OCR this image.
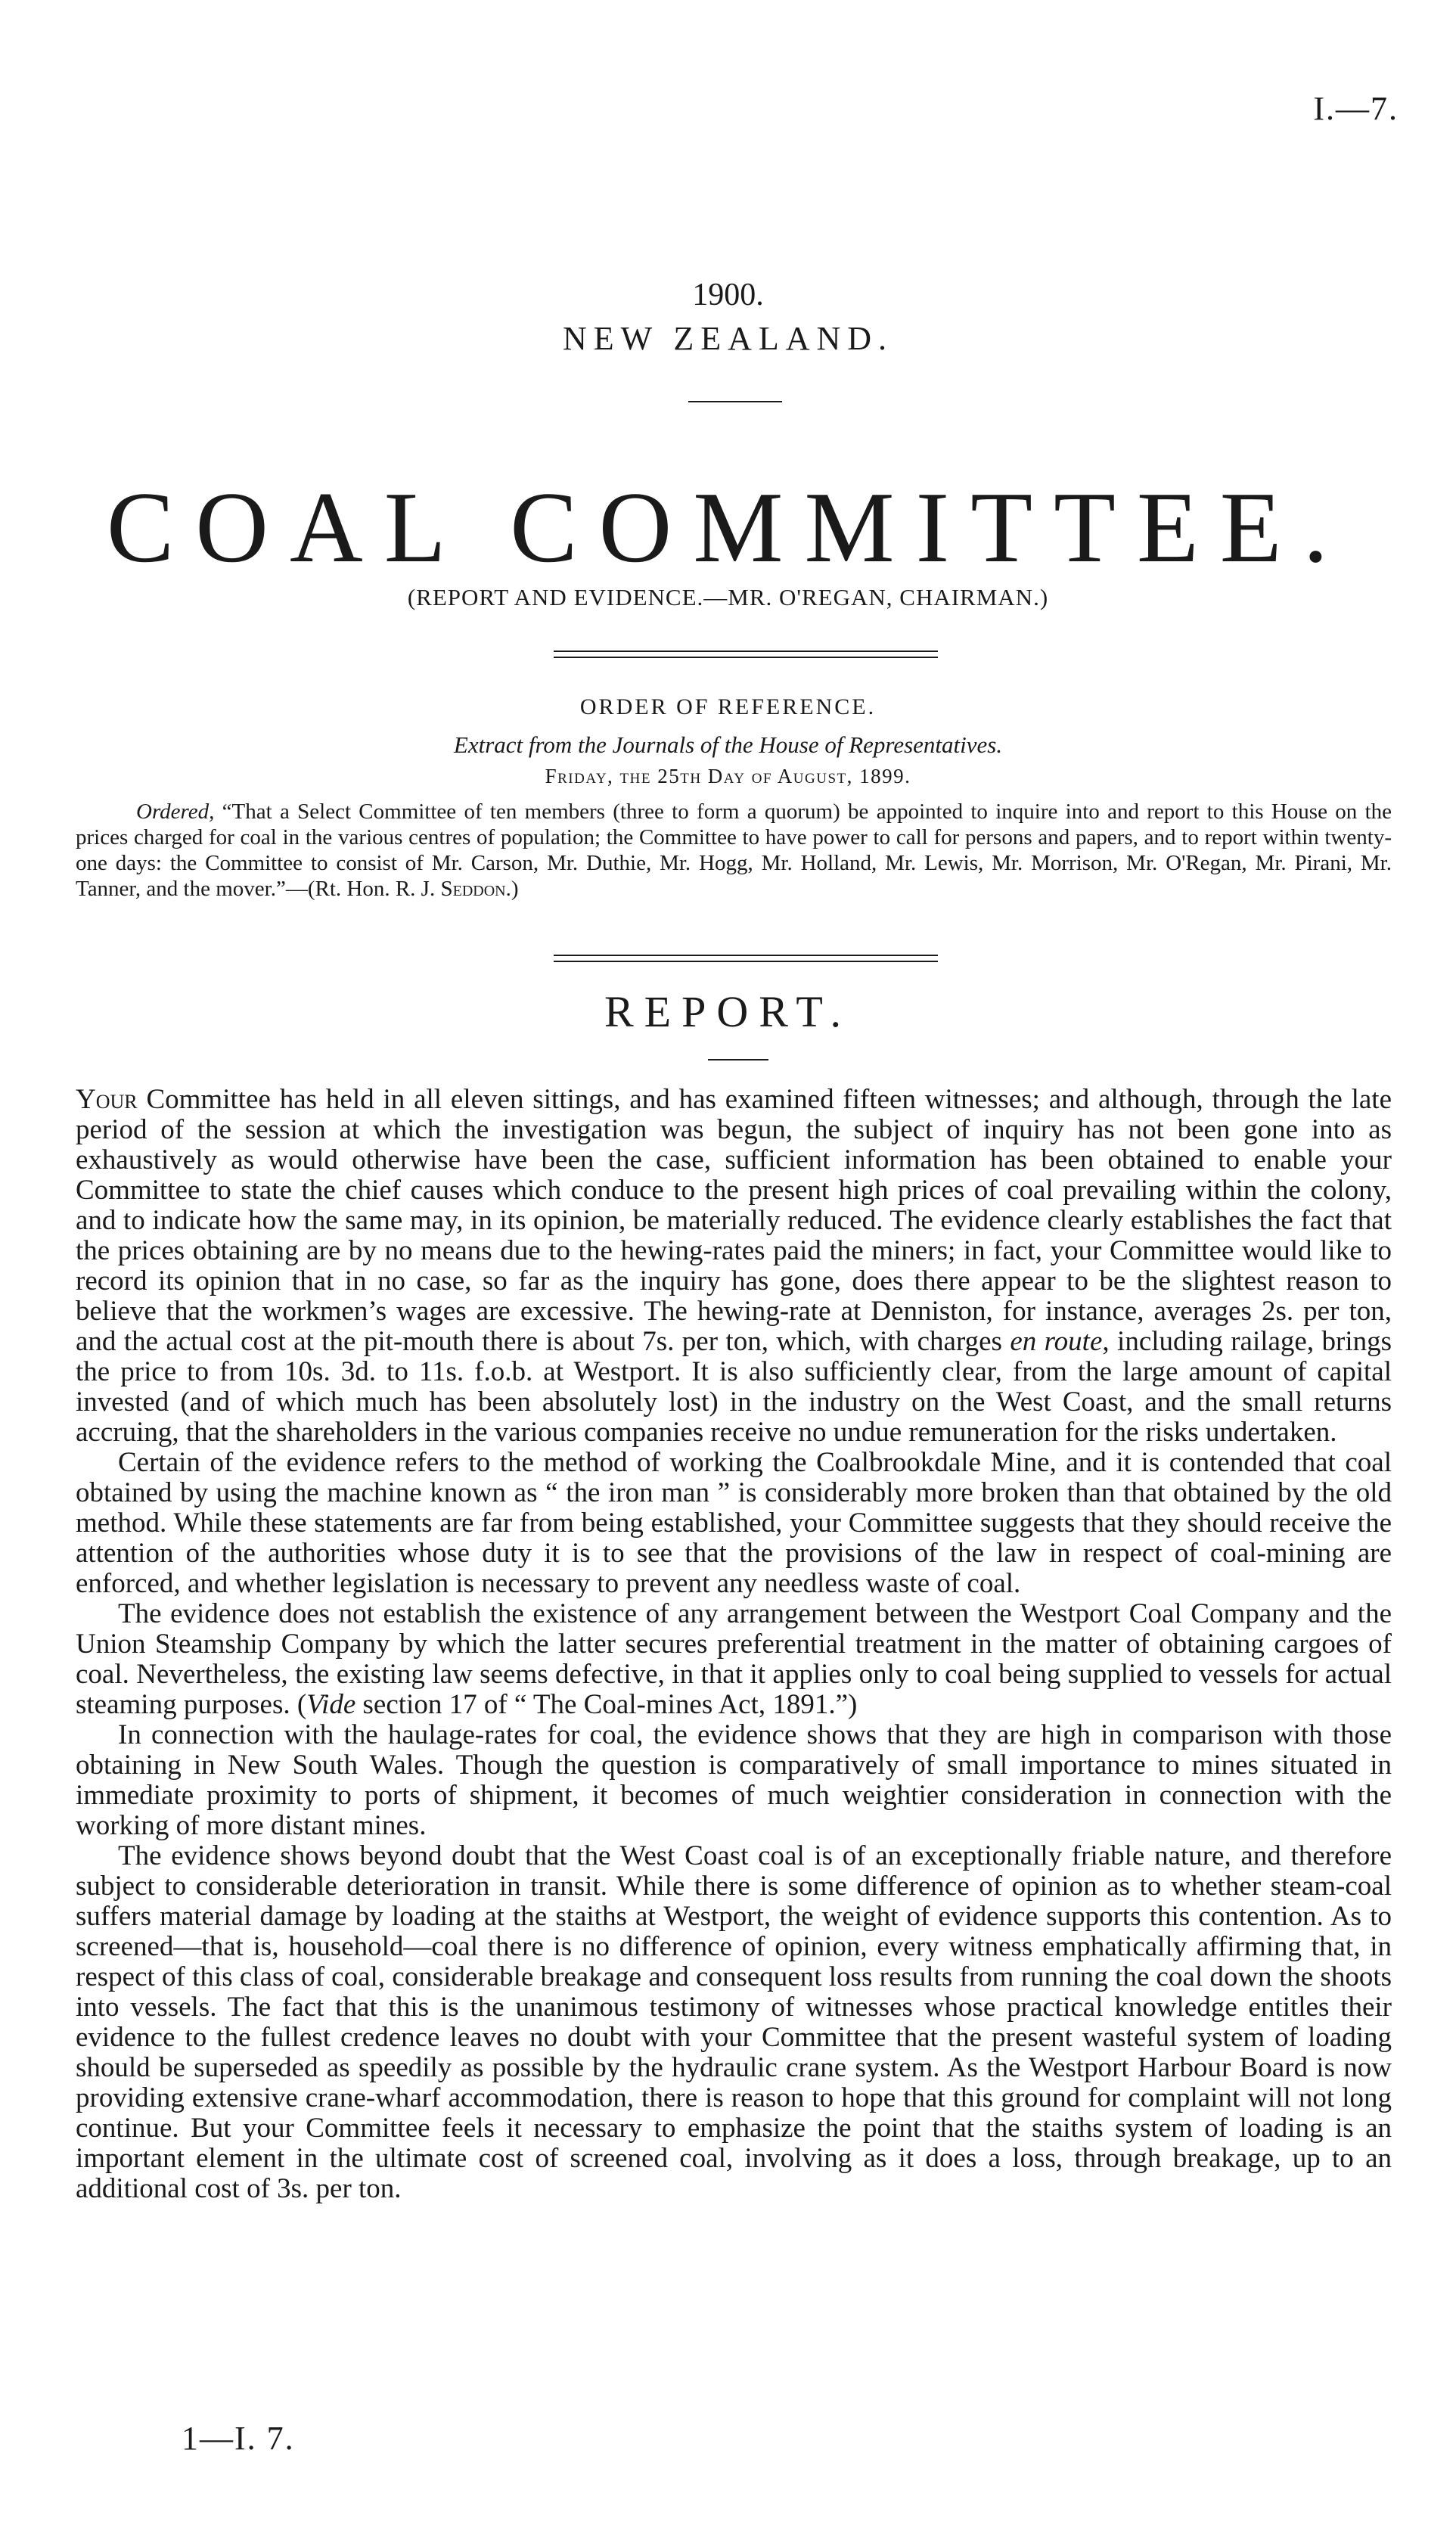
I.—7.
1900.
NEW ZEALAND.
COAL COMMITTEE.
(REPORT AND EVIDENCE.—MR. O'REGAN, CHAIRMAN.)
ORDER OF REFERENCE.
Extract from the Journals of the House of Representatives.
Friday, the 25th Day of August, 1899.
Ordered, “That a Select Committee of ten members (three to form a quorum) be appointed to inquire into and report to this House on the prices charged for coal in the various centres of population; the Committee to have power to call for persons and papers, and to report within twenty-one days: the Committee to consist of Mr. Carson, Mr. Duthie, Mr. Hogg, Mr. Holland, Mr. Lewis, Mr. Morrison, Mr. O'Regan, Mr. Pirani, Mr. Tanner, and the mover.”—(Rt. Hon. R. J. Seddon.)
REPORT.

Your Committee has held in all eleven sittings, and has examined fifteen witnesses; and although, through the late period of the session at which the investigation was begun, the subject of inquiry has not been gone into as exhaustively as would otherwise have been the case, sufficient information has been obtained to enable your Committee to state the chief causes which conduce to the present high prices of coal prevailing within the colony, and to indicate how the same may, in its opinion, be materially reduced. The evidence clearly establishes the fact that the prices obtaining are by no means due to the hewing-rates paid the miners; in fact, your Committee would like to record its opinion that in no case, so far as the inquiry has gone, does there appear to be the slightest reason to believe that the workmen’s wages are excessive. The hewing-rate at Denniston, for instance, averages 2s. per ton, and the actual cost at the pit-mouth there is about 7s. per ton, which, with charges en route, including railage, brings the price to from 10s. 3d. to 11s. f.o.b. at Westport. It is also sufficiently clear, from the large amount of capital invested (and of which much has been absolutely lost) in the industry on the West Coast, and the small returns accruing, that the shareholders in the various companies receive no undue remuneration for the risks undertaken.

Certain of the evidence refers to the method of working the Coalbrookdale Mine, and it is contended that coal obtained by using the machine known as “ the iron man ” is considerably more broken than that obtained by the old method. While these statements are far from being established, your Committee suggests that they should receive the attention of the authorities whose duty it is to see that the provisions of the law in respect of coal-mining are enforced, and whether legislation is necessary to prevent any needless waste of coal.

The evidence does not establish the existence of any arrangement between the Westport Coal Company and the Union Steamship Company by which the latter secures preferential treatment in the matter of obtaining cargoes of coal. Nevertheless, the existing law seems defective, in that it applies only to coal being supplied to vessels for actual steaming purposes. (Vide section 17 of “ The Coal-mines Act, 1891.”)

In connection with the haulage-rates for coal, the evidence shows that they are high in comparison with those obtaining in New South Wales. Though the question is comparatively of small importance to mines situated in immediate proximity to ports of shipment, it becomes of much weightier consideration in connection with the working of more distant mines.

The evidence shows beyond doubt that the West Coast coal is of an exceptionally friable nature, and therefore subject to considerable deterioration in transit. While there is some difference of opinion as to whether steam-coal suffers material damage by loading at the staiths at Westport, the weight of evidence supports this contention. As to screened—that is, household—coal there is no difference of opinion, every witness emphatically affirming that, in respect of this class of coal, considerable breakage and consequent loss results from running the coal down the shoots into vessels. The fact that this is the unanimous testimony of witnesses whose practical knowledge entitles their evidence to the fullest credence leaves no doubt with your Committee that the present wasteful system of loading should be superseded as speedily as possible by the hydraulic crane system. As the Westport Harbour Board is now providing extensive crane-wharf accommodation, there is reason to hope that this ground for complaint will not long continue. But your Committee feels it necessary to emphasize the point that the staiths system of loading is an important element in the ultimate cost of screened coal, involving as it does a loss, through breakage, up to an additional cost of 3s. per ton.

1—I. 7.
